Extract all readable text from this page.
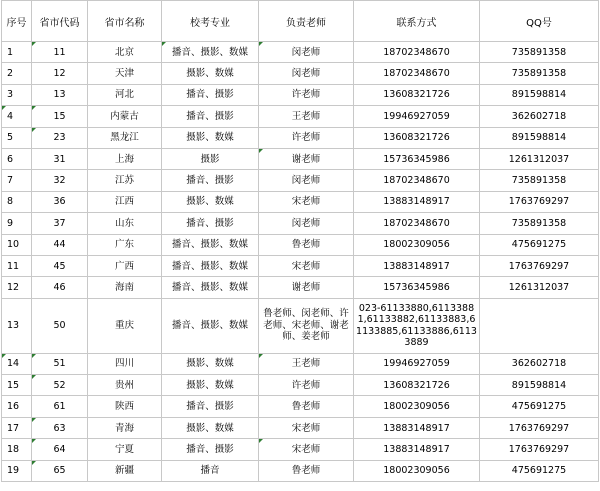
序号	省市代码	省市名称	校考专业	负责老师	联系方式	QQ号
1	11	北京	播音、摄影、数媒	闵老师	18702348670	735891358
2	12	天津	摄影、数媒	闵老师	18702348670	735891358
3	13	河北	播音、摄影	许老师	13608321726	891598814
4	15	内蒙古	播音、摄影	王老师	19946927059	362602718
5	23	黑龙江	摄影、数媒	许老师	13608321726	891598814
6	31	上海	摄影	谢老师	15736345986	1261312037
7	32	江苏	播音、摄影	闵老师	18702348670	735891358
8	36	江西	摄影、数媒	宋老师	13883148917	1763769297
9	37	山东	播音、摄影	闵老师	18702348670	735891358
10	44	广东	播音、摄影、数媒	鲁老师	18002309056	475691275
11	45	广西	播音、摄影、数媒	宋老师	13883148917	1763769297
12	46	海南	播音、摄影、数媒	谢老师	15736345986	1261312037
13	50	重庆	播音、摄影、数媒	鲁老师、闵老师、许老师、宋老师、谢老师、姜老师	023-61133880,61133881,61133882,61133883,61133885,61133886,61133889	
14	51	四川	摄影、数媒	王老师	19946927059	362602718
15	52	贵州	摄影、数媒	许老师	13608321726	891598814
16	61	陕西	播音、摄影	鲁老师	18002309056	475691275
17	63	青海	摄影、数媒	宋老师	13883148917	1763769297
18	64	宁夏	播音、摄影	宋老师	13883148917	1763769297
19	65	新疆	播音	鲁老师	18002309056	475691275
